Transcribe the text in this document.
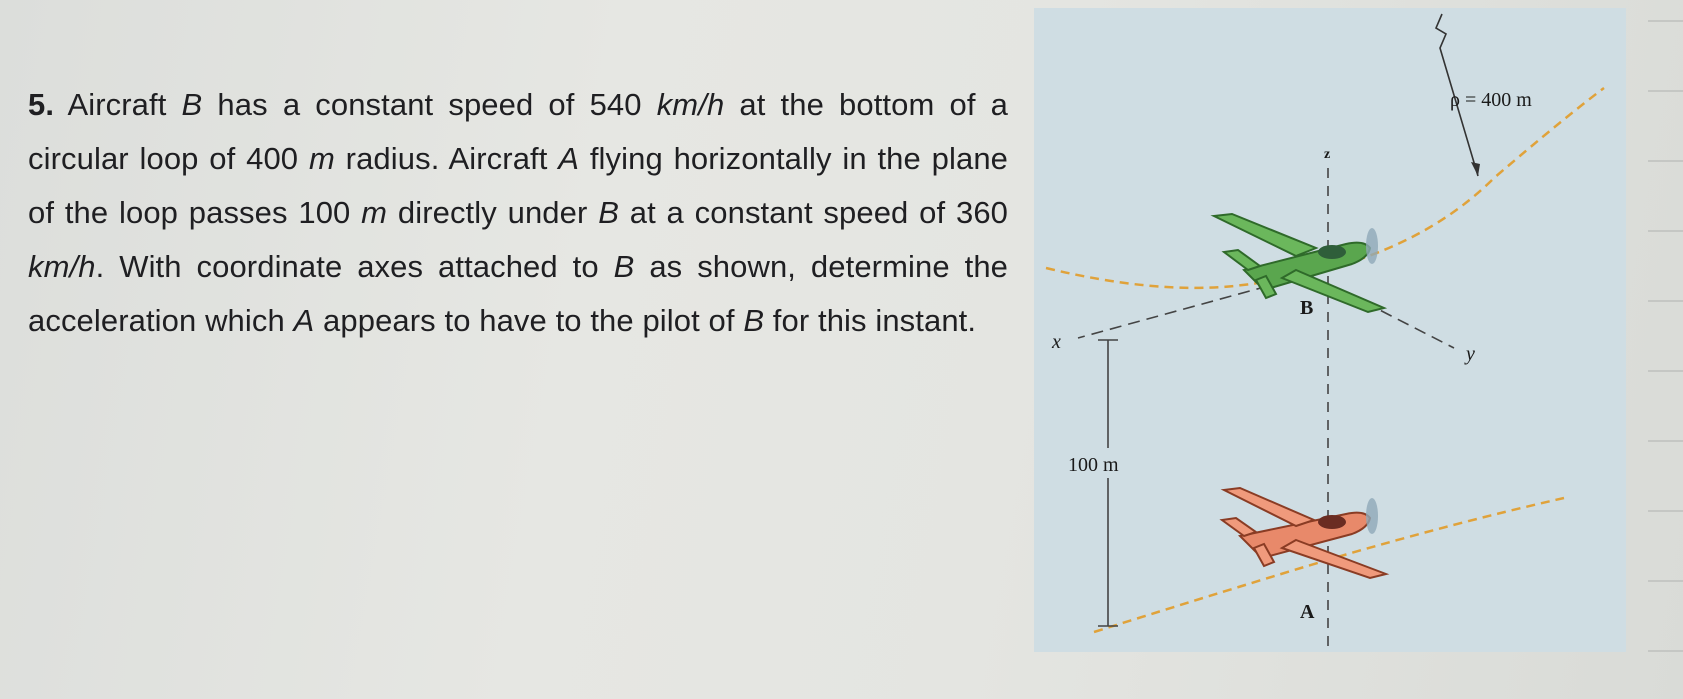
5. Aircraft B has a constant speed of 540 km/h at the bottom of a circular loop of 400 m radius. Aircraft A flying horizontally in the plane of the loop passes 100 m directly under B at a constant speed of 360 km/h. With coordinate axes attached to B as shown, determine the acceleration which A appears to have to the pilot of B for this instant.

ρ = 400 m
z
x
y
B
A
100 m
